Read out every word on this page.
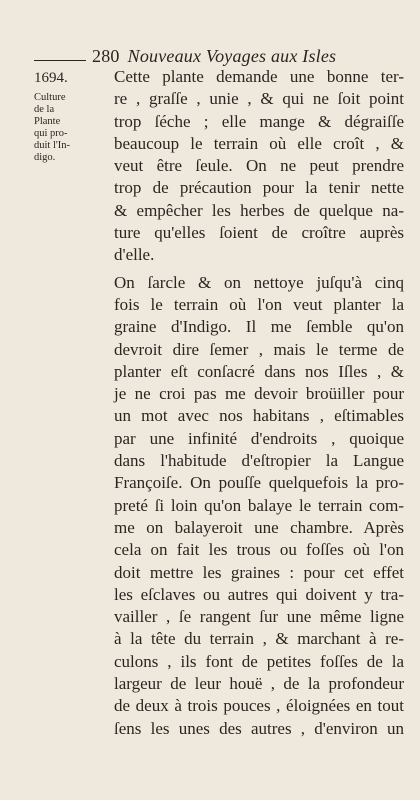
280 Nouveaux Voyages aux Isles
1694.
Culture
de la
Plante
qui pro-
duit l'In-
digo.
Cette plante demande une bonne ter-
re , graſſe , unie , & qui ne ſoit point
trop ſéche ; elle mange & dégraiſſe
beaucoup le terrain où elle croît , &
veut être ſeule. On ne peut prendre
trop de précaution pour la tenir nette
& empêcher les herbes de quelque na-
ture qu'elles ſoient de croître auprès
d'elle.
On ſarcle & on nettoye juſqu'à cinq
fois le terrain où l'on veut planter la
graine d'Indigo. Il me ſemble qu'on
devroit dire ſemer , mais le terme de
planter eſt conſacré dans nos Iſles , &
je ne croi pas me devoir broüiller pour
un mot avec nos habitans , eſtimables
par une infinité d'endroits , quoique
dans l'habitude d'eſtropier la Langue
Françoiſe. On pouſſe quelquefois la pro-
preté ſi loin qu'on balaye le terrain com-
me on balayeroit une chambre. Après
cela on fait les trous ou foſſes où l'on
doit mettre les graines : pour cet effet
les eſclaves ou autres qui doivent y tra-
vailler , ſe rangent ſur une même ligne
à la tête du terrain , & marchant à re-
culons , ils font de petites foſſes de la
largeur de leur houë , de la profondeur
de deux à trois pouces , éloignées en tout
ſens les unes des autres , d'environ un
